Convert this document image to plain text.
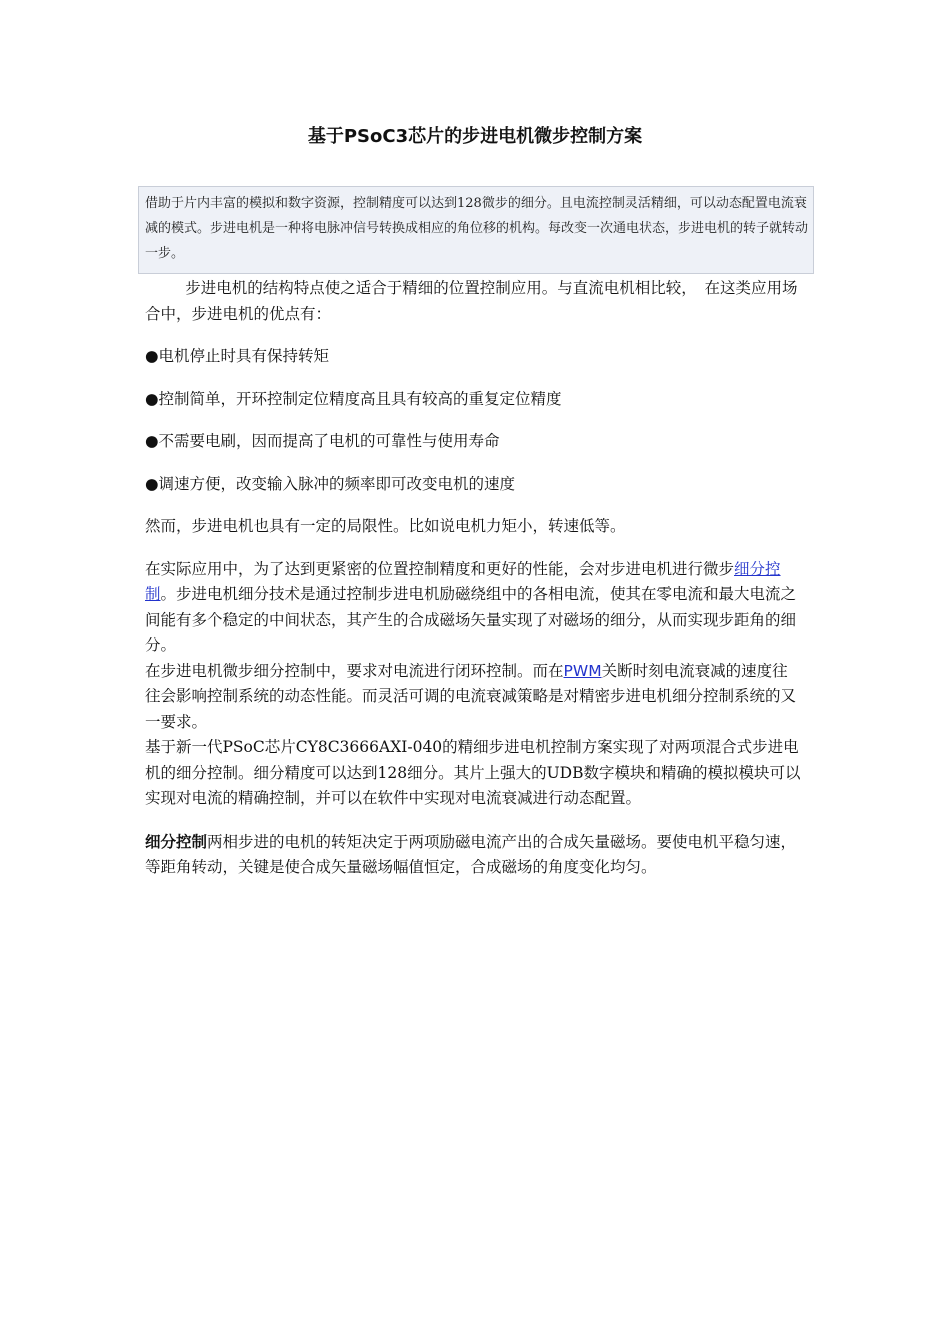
基于PSoC3芯片的步进电机微步控制方案
借助于片内丰富的模拟和数字资源，控制精度可以达到128微步的细分。且电流控制灵活精细，可以动态配置电流衰减的模式。步进电机是一种将电脉冲信号转换成相应的角位移的机构。每改变一次通电状态，步进电机的转子就转动一步。

步进电机的结构特点使之适合于精细的位置控制应用。与直流电机相比较，　在这类应用场合中，步进电机的优点有：

●电机停止时具有保持转矩

●控制简单，开环控制定位精度高且具有较高的重复定位精度

●不需要电刷，因而提高了电机的可靠性与使用寿命

●调速方便，改变输入脉冲的频率即可改变电机的速度

然而，步进电机也具有一定的局限性。比如说电机力矩小，转速低等。

在实际应用中，为了达到更紧密的位置控制精度和更好的性能，会对步进电机进行微步细分控制。步进电机细分技术是通过控制步进电机励磁绕组中的各相电流，使其在零电流和最大电流之间能有多个稳定的中间状态，其产生的合成磁场矢量实现了对磁场的细分，从而实现步距角的细分。

在步进电机微步细分控制中，要求对电流进行闭环控制。而在PWM关断时刻电流衰减的速度往往会影响控制系统的动态性能。而灵活可调的电流衰减策略是对精密步进电机细分控制系统的又一要求。

基于新一代PSoC芯片CY8C3666AXI-040的精细步进电机控制方案实现了对两项混合式步进电机的细分控制。细分精度可以达到128细分。其片上强大的UDB数字模块和精确的模拟模块可以实现对电流的精确控制，并可以在软件中实现对电流衰减进行动态配置。

细分控制两相步进的电机的转矩决定于两项励磁电流产出的合成矢量磁场。要使电机平稳匀速，等距角转动，关键是使合成矢量磁场幅值恒定，合成磁场的角度变化均匀。
